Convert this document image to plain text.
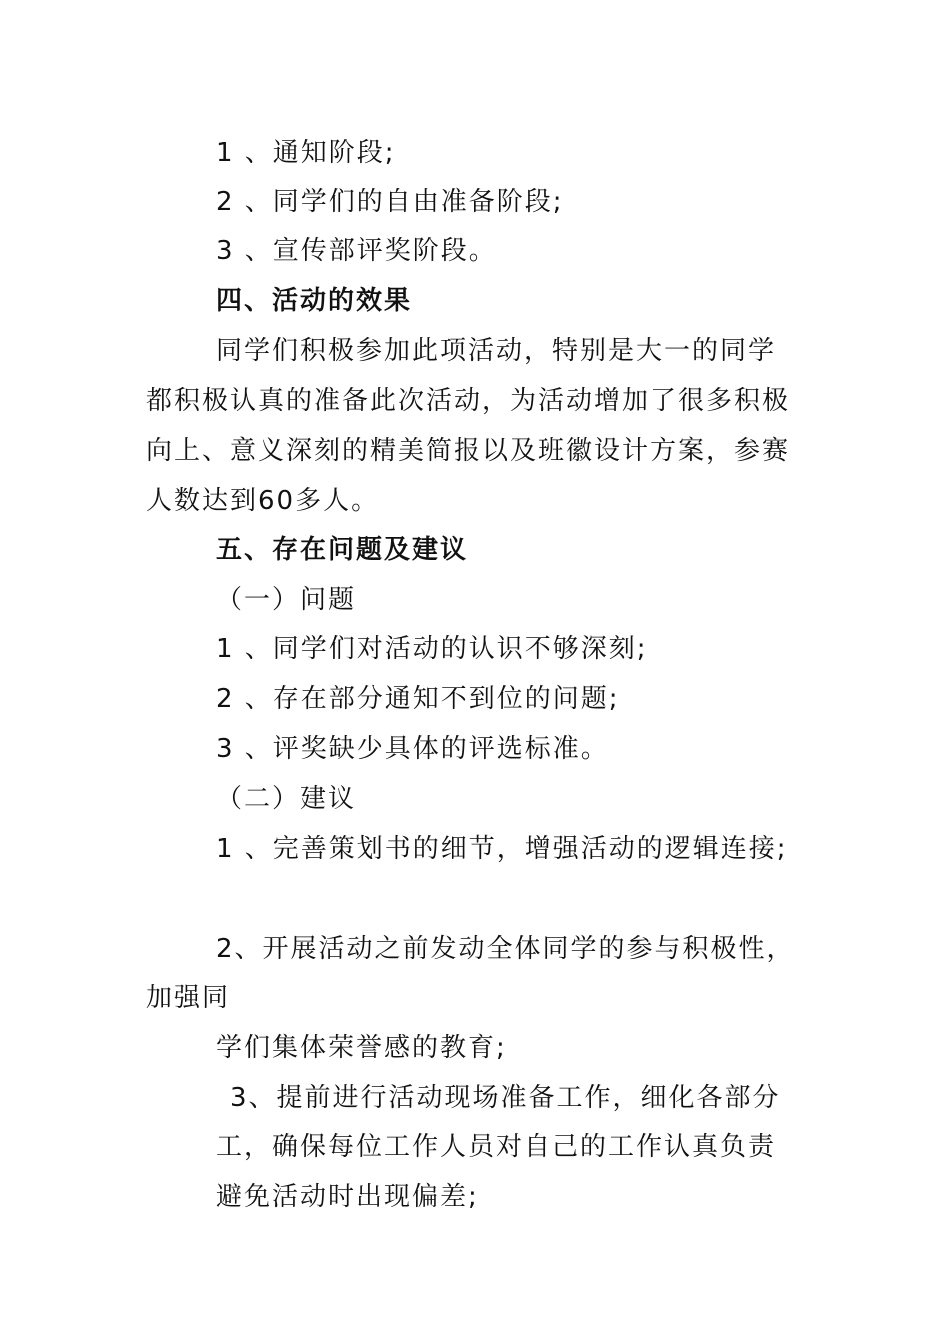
1 、通知阶段;
2 、同学们的自由准备阶段;
3 、宣传部评奖阶段。
四、活动的效果
同学们积极参加此项活动，特别是大一的同学
都积极认真的准备此次活动，为活动增加了很多积极
向上、意义深刻的精美简报以及班徽设计方案，参赛
人数达到60多人。
五、存在问题及建议
（一）问题
1 、同学们对活动的认识不够深刻;
2 、存在部分通知不到位的问题;
3 、评奖缺少具体的评选标准。
（二）建议
1 、完善策划书的细节，增强活动的逻辑连接;
2、开展活动之前发动全体同学的参与积极性，
加强同
学们集体荣誉感的教育;
3、提前进行活动现场准备工作，细化各部分
工，确保每位工作人员对自己的工作认真负责
避免活动时出现偏差;
